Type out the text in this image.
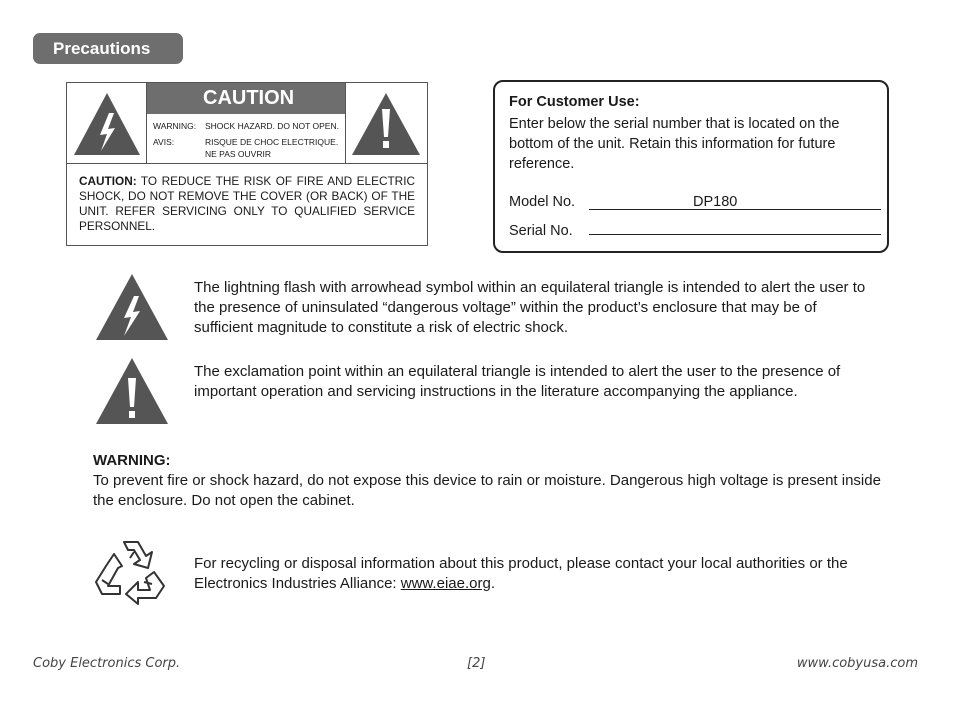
Precautions
CAUTION
WARNING: SHOCK HAZARD. DO NOT OPEN.
AVIS:	RISQUE DE CHOC ELECTRIQUE.
NE PAS OUVRIR
CAUTION: TO REDUCE THE RISK OF FIRE AND ELECTRIC SHOCK, DO NOT REMOVE THE COVER (OR BACK) OF THE UNIT. REFER SERVICING ONLY TO QUALIFIED SERVICE PERSONNEL.
For Customer Use:
Enter below the serial number that is located on the bottom of the unit. Retain this information for future reference.
Model No.	DP180
Serial No.
The lightning flash with arrowhead symbol within an equilateral triangle is intended to alert the user to the presence of uninsulated “dangerous voltage” within the product’s enclosure that may be of sufficient magnitude to constitute a risk of electric shock.
The exclamation point within an equilateral triangle is intended to alert the user to the presence of important operation and servicing instructions in the literature accompanying the appliance.
WARNING:
To prevent fire or shock hazard, do not expose this device to rain or moisture. Dangerous high voltage is present inside the enclosure. Do not open the cabinet.
For recycling or disposal information about this product, please contact your local authorities or the Electronics Industries Alliance: www.eiae.org.
Coby Electronics Corp.	[2]	www.cobyusa.com
